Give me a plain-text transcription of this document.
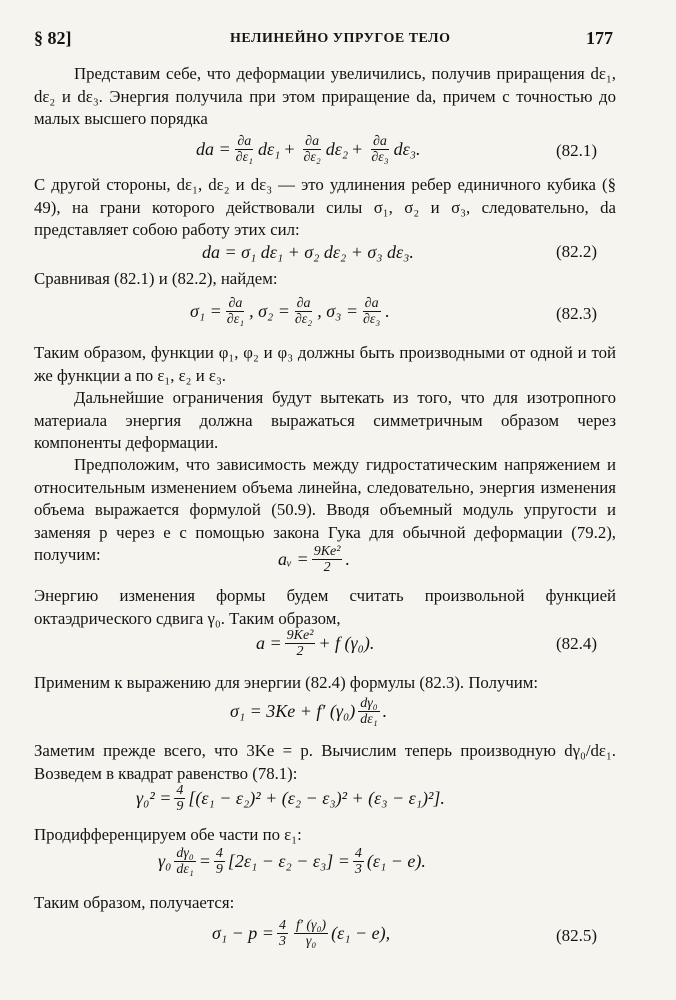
§ 82]	НЕЛИНЕЙНО УПРУГОЕ ТЕЛО	177
Представим себе, что деформации увеличились, получив приращения dε₁, dε₂ и dε₃. Энергия получила при этом приращение da, причем с точностью до малых высшего порядка
da = $\frac{\partial a}{\text{∂ε₁}} d\varepsilon_1 + \frac{\partial a}{\text{∂ε₂}} d\varepsilon_2 + \frac{\partial a}{\text{∂ε₃}} d\varepsilon_3$.	(82.1)
С другой стороны, dε₁, dε₂ и dε₃ — это удлинения ребер единичного кубика (§ 49), на грани которого действовали силы σ₁, σ₂ и σ₃, следовательно, da представляет собою работу этих сил:
da = σ₁ dε₁ + σ₂ dε₂ + σ₃ dε₃.	(82.2)
Сравнивая (82.1) и (82.2), найдем:
$\sigma_1 = \frac{\partial a}{\text{∂ε₁}}$ , $\sigma_2 = \frac{\partial a}{\text{∂ε₂}}$ , $\sigma_3 = \frac{\partial a}{\text{∂ε₃}}$ .	(82.3)
Таким образом, функции φ₁, φ₂ и φ₃ должны быть производными от одной и той же функции a по ε₁, ε₂ и ε₃.
Дальнейшие ограничения будут вытекать из того, что для изотропного материала энергия должна выражаться симметричным образом через компоненты деформации.
Предположим, что зависимость между гидростатическим напряжением и относительным изменением объема линейна, следовательно, энергия изменения объема выражается формулой (50.9). Вводя объемный модуль упругости и заменяя p через e с помощью закона Гука для обычной деформации (79.2), получим:	aᵥ = $\frac{\text{9Ke²}}{2}$ .
Энергию изменения формы будем считать произвольной функцией октаэдрического сдвига γ₀. Таким образом,
$a = \frac{\text{9Ke²}}{2} + f$ (γ₀).	(82.4)
Применим к выражению для энергии (82.4) формулы (82.3). Получим:
σ₁ = 3Ke + f′ $(\gamma_0) \frac{\text{dγ₀}}{\text{dε₁}}$ .
Заметим прежде всего, что 3Ke = p. Вычислим теперь производную dγ₀/dε₁. Возведем в квадрат равенство (78.1):
$\gamma_0^2 = \frac{4}{9} [(\varepsilon_1 - \varepsilon_2)^2 + (\varepsilon_2 - \varepsilon_3)^2 + (\varepsilon_3 - \varepsilon_1)^2]$.
Продифференцируем обе части по ε₁:
$\gamma_0 \frac{\text{dγ₀}}{\text{dε₁}} = \frac{4}{9} [2\varepsilon_1 - \varepsilon_2 - \varepsilon_3] = \frac{4}{3} (\varepsilon_1 - e)$.
Таким образом, получается:
$\sigma_1 - p = \frac{4}{3} \frac{\text{f′ (γ₀)}}{\text{γ₀}} (\varepsilon_1 - e)$,	(82.5)
